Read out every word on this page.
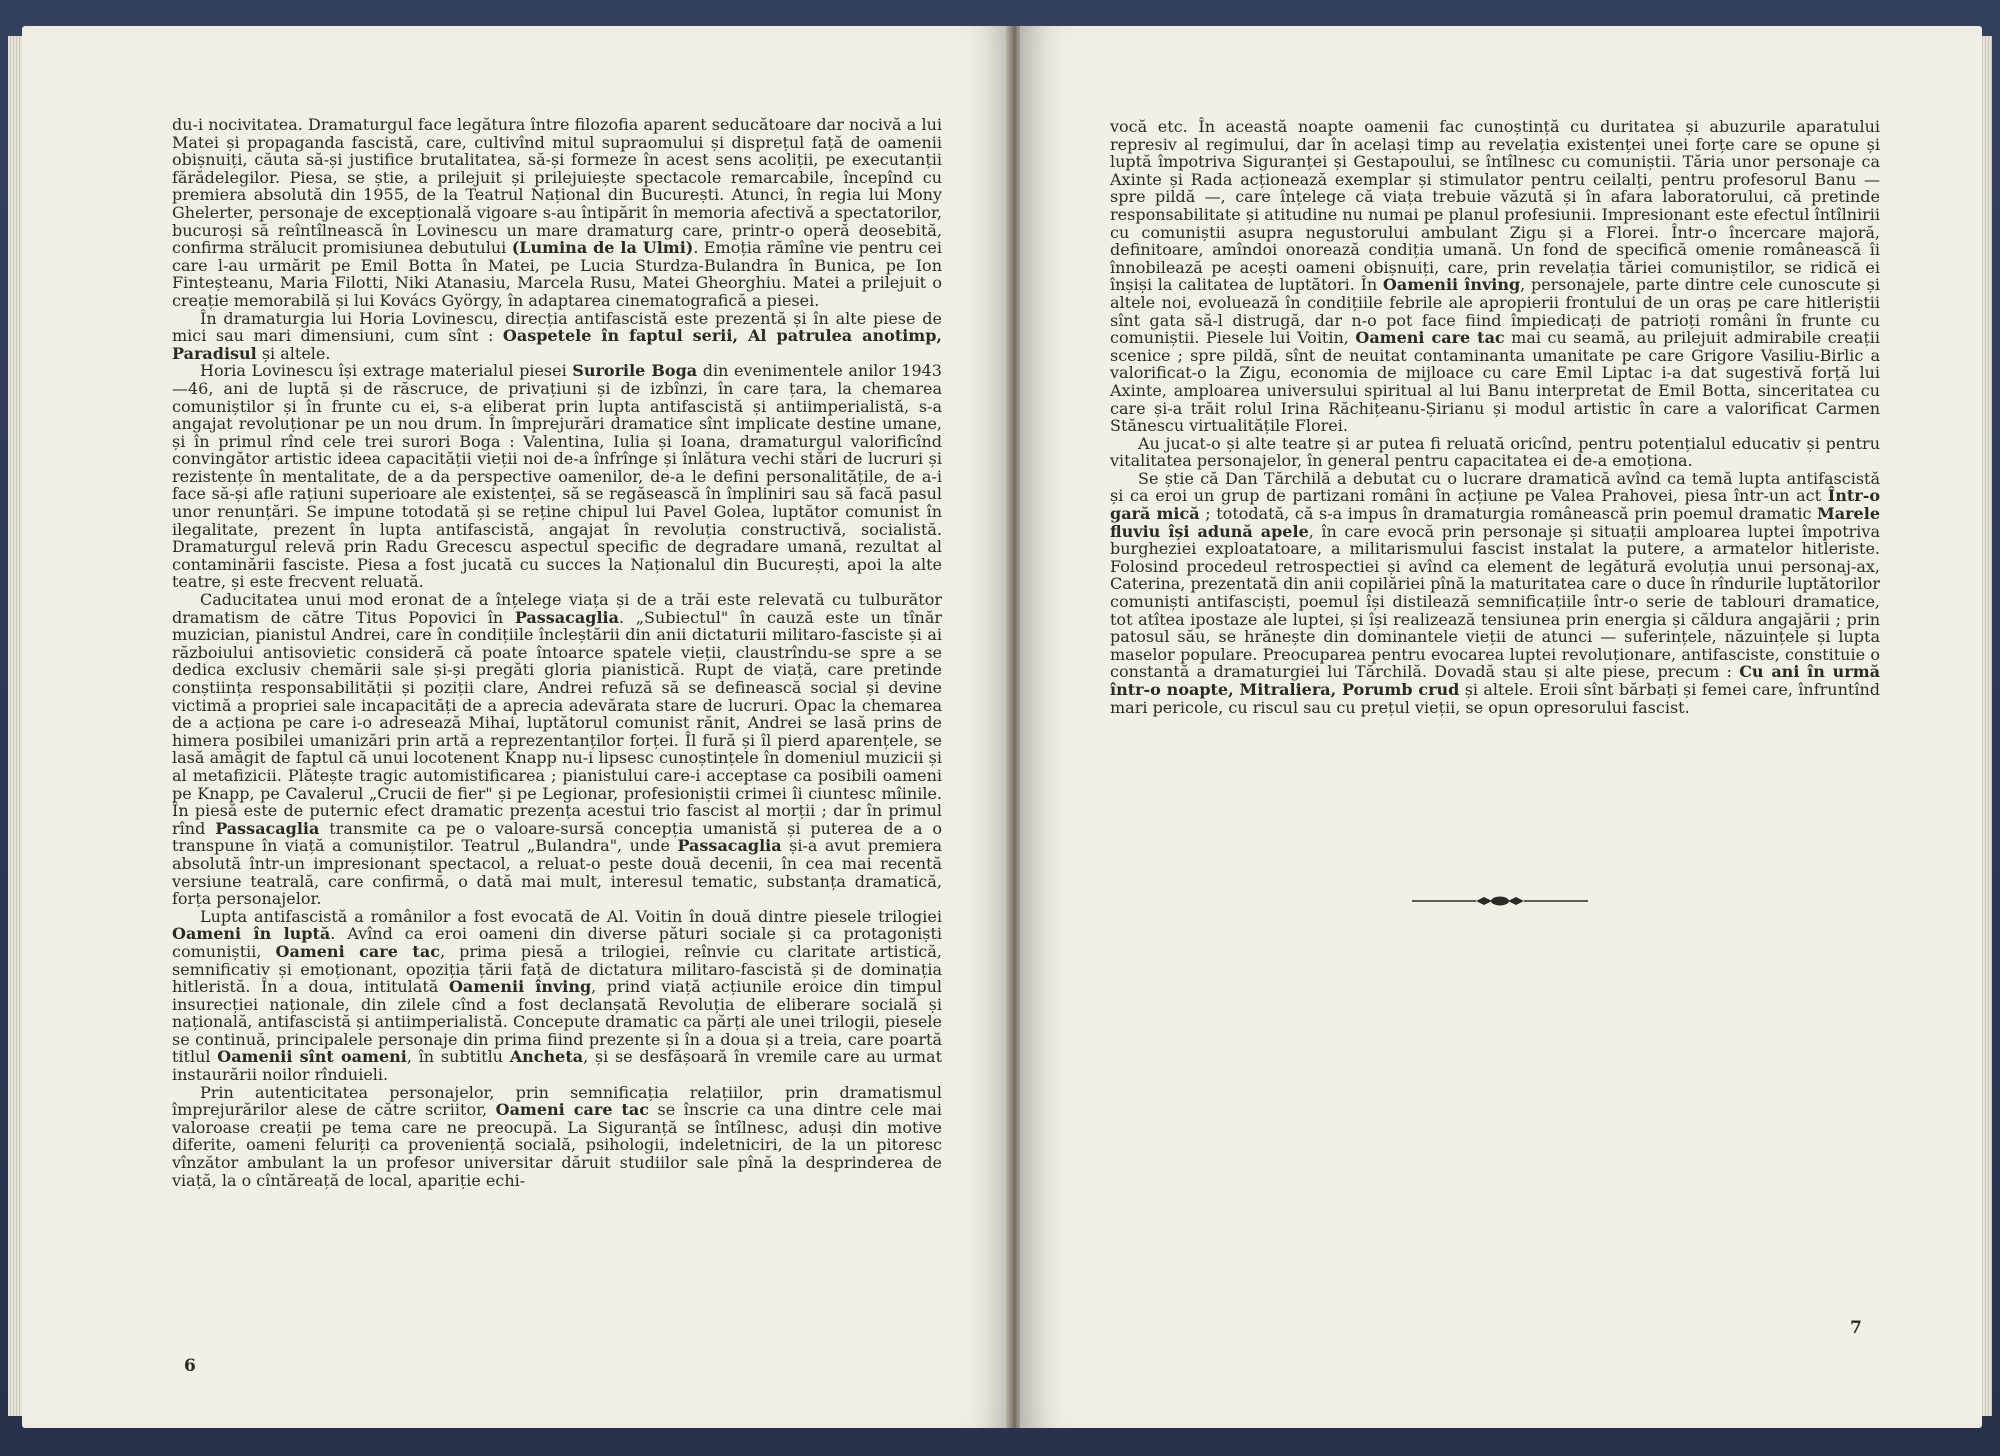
du-i nocivitatea. Dramaturgul face legătura între filozofia aparent seducătoare dar nocivă a lui Matei și propaganda fascistă, care, cultivînd mitul supraomului și disprețul față de oamenii obișnuiți, căuta să-și justifice brutalitatea, să-și formeze în acest sens acoliții, pe executanții fărădelegilor. Piesa, se știe, a prilejuit și prilejuiește spectacole remarcabile, începînd cu premiera absolută din 1955, de la Teatrul Național din București. Atunci, în regia lui Mony Ghelerter, personaje de excepțională vigoare s-au întipărit în memoria afectivă a spectatorilor, bucuroși să reîntîlnească în Lovinescu un mare dramaturg care, printr-o operă deosebită, confirma strălucit promisiunea debutului (Lumina de la Ulmi). Emoția rămîne vie pentru cei care l-au urmărit pe Emil Botta în Matei, pe Lucia Sturdza-Bulandra în Bunica, pe Ion Finteșteanu, Maria Filotti, Niki Atanasiu, Marcela Rusu, Matei Gheorghiu. Matei a prilejuit o creație memorabilă și lui Kovács György, în adaptarea cinematografică a piesei.

În dramaturgia lui Horia Lovinescu, direcția antifascistă este prezentă și în alte piese de mici sau mari dimensiuni, cum sînt : Oaspetele în faptul serii, Al patrulea anotimp, Paradisul și altele.

Horia Lovinescu își extrage materialul piesei Surorile Boga din evenimentele anilor 1943—46, ani de luptă și de răscruce, de privațiuni și de izbînzi, în care țara, la chemarea comuniștilor și în frunte cu ei, s-a eliberat prin lupta antifascistă și antiimperialistă, s-a angajat revoluționar pe un nou drum. În împrejurări dramatice sînt implicate destine umane, și în primul rînd cele trei surori Boga : Valentina, Iulia și Ioana, dramaturgul valorificînd convingător artistic ideea capacității vieții noi de-a înfrînge și înlătura vechi stări de lucruri și rezistențe în mentalitate, de a da perspective oamenilor, de-a le defini personalitățile, de a-i face să-și afle rațiuni superioare ale existenței, să se regăsească în împliniri sau să facă pasul unor renunțări. Se impune totodată și se reține chipul lui Pavel Golea, luptător comunist în ilegalitate, prezent în lupta antifascistă, angajat în revoluția constructivă, socialistă. Dramaturgul relevă prin Radu Grecescu aspectul specific de degradare umană, rezultat al contaminării fasciste. Piesa a fost jucată cu succes la Naționalul din București, apoi la alte teatre, și este frecvent reluată.

Caducitatea unui mod eronat de a înțelege viața și de a trăi este relevată cu tulburător dramatism de către Titus Popovici în Passacaglia. „Subiectul" în cauză este un tînăr muzician, pianistul Andrei, care în condițiile încleștării din anii dictaturii militaro-fasciste și ai războiului antisovietic consideră că poate întoarce spatele vieții, claustrîndu-se spre a se dedica exclusiv chemării sale și-și pregăti gloria pianistică. Rupt de viață, care pretinde conștiința responsabilității și poziții clare, Andrei refuză să se definească social și devine victimă a propriei sale incapacități de a aprecia adevărata stare de lucruri. Opac la chemarea de a acționa pe care i-o adresează Mihai, luptătorul comunist rănit, Andrei se lasă prins de himera posibilei umanizări prin artă a reprezentanților forței. Îl fură și îl pierd aparențele, se lasă amăgit de faptul că unui locotenent Knapp nu-i lipsesc cunoștințele în domeniul muzicii și al metafizicii. Plătește tragic automistificarea ; pianistului care-i acceptase ca posibili oameni pe Knapp, pe Cavalerul „Crucii de fier" și pe Legionar, profesioniștii crimei îi ciuntesc mîinile. În piesă este de puternic efect dramatic prezența acestui trio fascist al morții ; dar în primul rînd Passacaglia transmite ca pe o valoare-sursă concepția umanistă și puterea de a o transpune în viață a comuniștilor. Teatrul „Bulandra", unde Passacaglia și-a avut premiera absolută într-un impresionant spectacol, a reluat-o peste două decenii, în cea mai recentă versiune teatrală, care confirmă, o dată mai mult, interesul tematic, substanța dramatică, forța personajelor.

Lupta antifascistă a românilor a fost evocată de Al. Voitin în două dintre piesele trilogiei Oameni în luptă. Avînd ca eroi oameni din diverse pături sociale și ca protagoniști comuniștii, Oameni care tac, prima piesă a trilogiei, reînvie cu claritate artistică, semnificativ și emoționant, opoziția țării față de dictatura militaro-fascistă și de dominația hitleristă. În a doua, intitulată Oamenii înving, prind viață acțiunile eroice din timpul insurecției naționale, din zilele cînd a fost declanșată Revoluția de eliberare socială și națională, antifascistă și antiimperialistă. Concepute dramatic ca părți ale unei trilogii, piesele se continuă, principalele personaje din prima fiind prezente și în a doua și a treia, care poartă titlul Oamenii sînt oameni, în subtitlu Ancheta, și se desfășoară în vremile care au urmat instaurării noilor rînduieli.

Prin autenticitatea personajelor, prin semnificația relațiilor, prin dramatismul împrejurărilor alese de către scriitor, Oameni care tac se înscrie ca una dintre cele mai valoroase creații pe tema care ne preocupă. La Siguranță se întîlnesc, aduși din motive diferite, oameni feluriți ca proveniență socială, psihologii, indeletniciri, de la un pitoresc vînzător ambulant la un profesor universitar dăruit studiilor sale pînă la desprinderea de viață, la o cîntăreață de local, apariție echi-

6

vocă etc. În această noapte oamenii fac cunoștință cu duritatea și abuzurile aparatului represiv al regimului, dar în același timp au revelația existenței unei forțe care se opune și luptă împotriva Siguranței și Gestapoului, se întîlnesc cu comuniștii. Tăria unor personaje ca Axinte și Rada acționează exemplar și stimulator pentru ceilalți, pentru profesorul Banu — spre pildă —, care înțelege că viața trebuie văzută și în afara laboratorului, că pretinde responsabilitate și atitudine nu numai pe planul profesiunii. Impresionant este efectul întîlnirii cu comuniștii asupra negustorului ambulant Zigu și a Florei. Într-o încercare majoră, definitoare, amîndoi onorează condiția umană. Un fond de specifică omenie românească îi înnobilează pe acești oameni obișnuiți, care, prin revelația tăriei comuniștilor, se ridică ei înșiși la calitatea de luptători. În Oamenii înving, personajele, parte dintre cele cunoscute și altele noi, evoluează în condițiile febrile ale apropierii frontului de un oraș pe care hitleriștii sînt gata să-l distrugă, dar n-o pot face fiind împiedicați de patrioți români în frunte cu comuniștii. Piesele lui Voitin, Oameni care tac mai cu seamă, au prilejuit admirabile creații scenice ; spre pildă, sînt de neuitat contaminanta umanitate pe care Grigore Vasiliu-Birlic a valorificat-o la Zigu, economia de mijloace cu care Emil Liptac i-a dat sugestivă forță lui Axinte, amploarea universului spiritual al lui Banu interpretat de Emil Botta, sinceritatea cu care și-a trăit rolul Irina Răchițeanu-Șirianu și modul artistic în care a valorificat Carmen Stănescu virtualitățile Florei.

Au jucat-o și alte teatre și ar putea fi reluată oricînd, pentru potențialul educativ și pentru vitalitatea personajelor, în general pentru capacitatea ei de-a emoționa.

Se știe că Dan Tărchilă a debutat cu o lucrare dramatică avînd ca temă lupta antifascistă și ca eroi un grup de partizani români în acțiune pe Valea Prahovei, piesa într-un act Într-o gară mică ; totodată, că s-a impus în dramaturgia românească prin poemul dramatic Marele fluviu își adună apele, în care evocă prin personaje și situații amploarea luptei împotriva burgheziei exploatatoare, a militarismului fascist instalat la putere, a armatelor hitleriste. Folosind procedeul retrospectiei și avînd ca element de legătură evoluția unui personaj-ax, Caterina, prezentată din anii copilăriei pînă la maturitatea care o duce în rîndurile luptătorilor comuniști antifasciști, poemul își distilează semnificațiile într-o serie de tablouri dramatice, tot atîtea ipostaze ale luptei, și își realizează tensiunea prin energia și căldura angajării ; prin patosul său, se hrănește din dominantele vieții de atunci — suferințele, năzuințele și lupta maselor populare. Preocuparea pentru evocarea luptei revoluționare, antifasciste, constituie o constantă a dramaturgiei lui Tărchilă. Dovadă stau și alte piese, precum : Cu ani în urmă într-o noapte, Mitraliera, Porumb crud și altele. Eroii sînt bărbați și femei care, înfruntînd mari pericole, cu riscul sau cu prețul vieții, se opun opresorului fascist.

7
